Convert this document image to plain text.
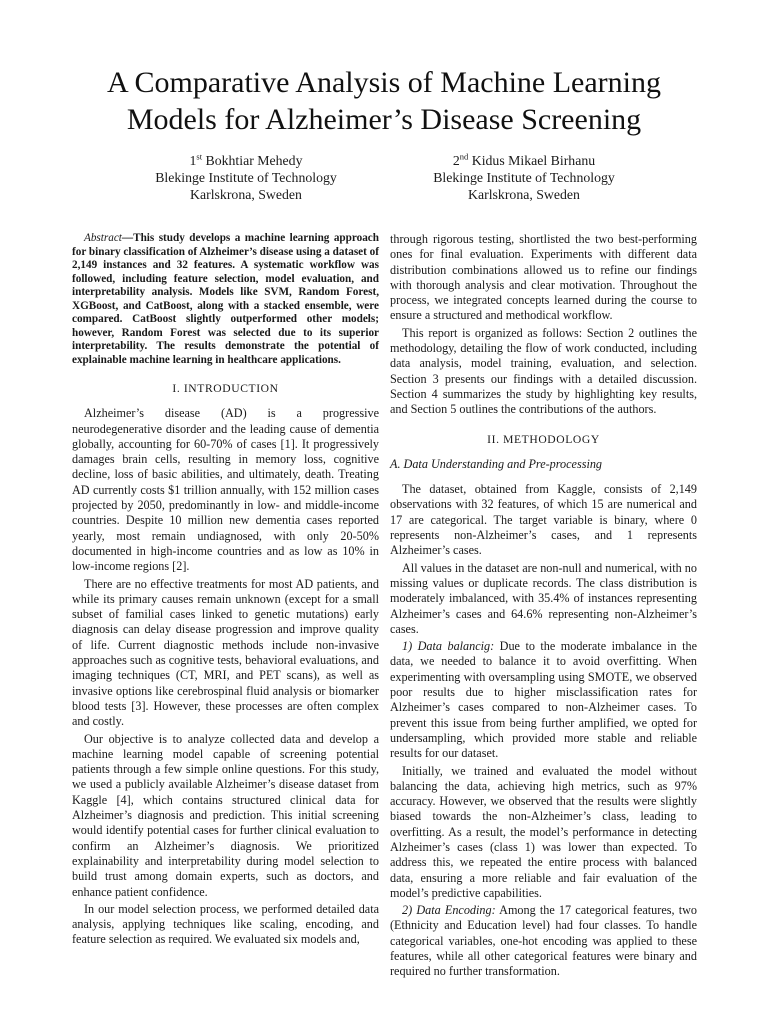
A Comparative Analysis of Machine Learning
Models for Alzheimer’s Disease Screening
1st Bokhtiar Mehedy
Blekinge Institute of Technology
Karlskrona, Sweden
2nd Kidus Mikael Birhanu
Blekinge Institute of Technology
Karlskrona, Sweden

Abstract—This study develops a machine learning approach for binary classification of Alzheimer’s disease using a dataset of 2,149 instances and 32 features. A systematic workflow was followed, including feature selection, model evaluation, and interpretability analysis. Models like SVM, Random Forest, XGBoost, and CatBoost, along with a stacked ensemble, were compared. CatBoost slightly outperformed other models; however, Random Forest was selected due to its superior interpretability. The results demonstrate the potential of explainable machine learning in healthcare applications.

I. INTRODUCTION

Alzheimer’s disease (AD) is a progressive neurodegenerative disorder and the leading cause of dementia globally, accounting for 60-70% of cases [1]. It progressively damages brain cells, resulting in memory loss, cognitive decline, loss of basic abilities, and ultimately, death. Treating AD currently costs $1 trillion annually, with 152 million cases projected by 2050, predominantly in low- and middle-income countries. Despite 10 million new dementia cases reported yearly, most remain undiagnosed, with only 20-50% documented in high-income countries and as low as 10% in low-income regions [2].

There are no effective treatments for most AD patients, and while its primary causes remain unknown (except for a small subset of familial cases linked to genetic mutations) early diagnosis can delay disease progression and improve quality of life. Current diagnostic methods include non-invasive approaches such as cognitive tests, behavioral evaluations, and imaging techniques (CT, MRI, and PET scans), as well as invasive options like cerebrospinal fluid analysis or biomarker blood tests [3]. However, these processes are often complex and costly.

Our objective is to analyze collected data and develop a machine learning model capable of screening potential patients through a few simple online questions. For this study, we used a publicly available Alzheimer’s disease dataset from Kaggle [4], which contains structured clinical data for Alzheimer’s diagnosis and prediction. This initial screening would identify potential cases for further clinical evaluation to confirm an Alzheimer’s diagnosis. We prioritized explainability and interpretability during model selection to build trust among domain experts, such as doctors, and enhance patient confidence.

In our model selection process, we performed detailed data analysis, applying techniques like scaling, encoding, and feature selection as required. We evaluated six models and,

through rigorous testing, shortlisted the two best-performing ones for final evaluation. Experiments with different data distribution combinations allowed us to refine our findings with thorough analysis and clear motivation. Throughout the process, we integrated concepts learned during the course to ensure a structured and methodical workflow.

This report is organized as follows: Section 2 outlines the methodology, detailing the flow of work conducted, including data analysis, model training, evaluation, and selection. Section 3 presents our findings with a detailed discussion. Section 4 summarizes the study by highlighting key results, and Section 5 outlines the contributions of the authors.

II. METHODOLOGY
A. Data Understanding and Pre-processing

The dataset, obtained from Kaggle, consists of 2,149 observations with 32 features, of which 15 are numerical and 17 are categorical. The target variable is binary, where 0 represents non-Alzheimer’s cases, and 1 represents Alzheimer’s cases.

All values in the dataset are non-null and numerical, with no missing values or duplicate records. The class distribution is moderately imbalanced, with 35.4% of instances representing Alzheimer’s cases and 64.6% representing non-Alzheimer’s cases.

1) Data balancig: Due to the moderate imbalance in the data, we needed to balance it to avoid overfitting. When experimenting with oversampling using SMOTE, we observed poor results due to higher misclassification rates for Alzheimer’s cases compared to non-Alzheimer cases. To prevent this issue from being further amplified, we opted for undersampling, which provided more stable and reliable results for our dataset.

Initially, we trained and evaluated the model without balancing the data, achieving high metrics, such as 97% accuracy. However, we observed that the results were slightly biased towards the non-Alzheimer’s class, leading to overfitting. As a result, the model’s performance in detecting Alzheimer’s cases (class 1) was lower than expected. To address this, we repeated the entire process with balanced data, ensuring a more reliable and fair evaluation of the model’s predictive capabilities.

2) Data Encoding: Among the 17 categorical features, two (Ethnicity and Education level) had four classes. To handle categorical variables, one-hot encoding was applied to these features, while all other categorical features were binary and required no further transformation.
